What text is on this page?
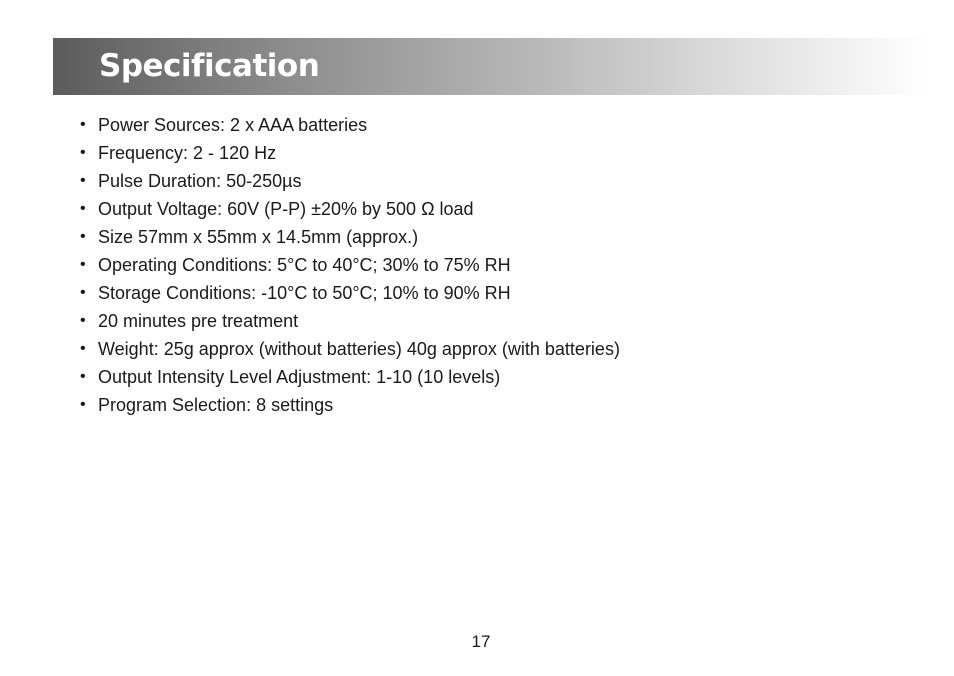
Specification
• Power Sources: 2 x AAA batteries
• Frequency: 2 - 120 Hz
• Pulse Duration: 50-250µs
• Output Voltage: 60V (P-P) ±20% by 500 Ω load
• Size 57mm x 55mm x 14.5mm (approx.)
• Operating Conditions: 5°C to 40°C; 30% to 75% RH
• Storage Conditions: -10°C to 50°C; 10% to 90% RH
• 20 minutes pre treatment
• Weight: 25g approx (without batteries) 40g approx (with batteries)
• Output Intensity Level Adjustment: 1-10 (10 levels)
• Program Selection: 8 settings
17
